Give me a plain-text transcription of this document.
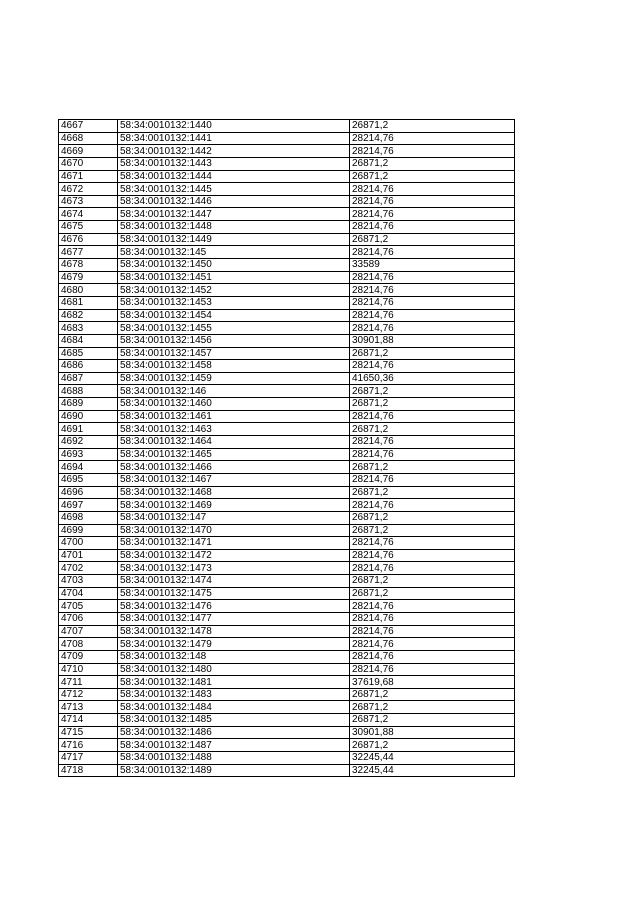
4667	58:34:0010132:1440	26871,2
4668	58:34:0010132:1441	28214,76
4669	58:34:0010132:1442	28214,76
4670	58:34:0010132:1443	26871,2
4671	58:34:0010132:1444	26871,2
4672	58:34:0010132:1445	28214,76
4673	58:34:0010132:1446	28214,76
4674	58:34:0010132:1447	28214,76
4675	58:34:0010132:1448	28214,76
4676	58:34:0010132:1449	26871,2
4677	58:34:0010132:145	28214,76
4678	58:34:0010132:1450	33589
4679	58:34:0010132:1451	28214,76
4680	58:34:0010132:1452	28214,76
4681	58:34:0010132:1453	28214,76
4682	58:34:0010132:1454	28214,76
4683	58:34:0010132:1455	28214,76
4684	58:34:0010132:1456	30901,88
4685	58:34:0010132:1457	26871,2
4686	58:34:0010132:1458	28214,76
4687	58:34:0010132:1459	41650,36
4688	58:34:0010132:146	26871,2
4689	58:34:0010132:1460	26871,2
4690	58:34:0010132:1461	28214,76
4691	58:34:0010132:1463	26871,2
4692	58:34:0010132:1464	28214,76
4693	58:34:0010132:1465	28214,76
4694	58:34:0010132:1466	26871,2
4695	58:34:0010132:1467	28214,76
4696	58:34:0010132:1468	26871,2
4697	58:34:0010132:1469	28214,76
4698	58:34:0010132:147	26871,2
4699	58:34:0010132:1470	26871,2
4700	58:34:0010132:1471	28214,76
4701	58:34:0010132:1472	28214,76
4702	58:34:0010132:1473	28214,76
4703	58:34:0010132:1474	26871,2
4704	58:34:0010132:1475	26871,2
4705	58:34:0010132:1476	28214,76
4706	58:34:0010132:1477	28214,76
4707	58:34:0010132:1478	28214,76
4708	58:34:0010132:1479	28214,76
4709	58:34:0010132:148	28214,76
4710	58:34:0010132:1480	28214,76
4711	58:34:0010132:1481	37619,68
4712	58:34:0010132:1483	26871,2
4713	58:34:0010132:1484	26871,2
4714	58:34:0010132:1485	26871,2
4715	58:34:0010132:1486	30901,88
4716	58:34:0010132:1487	26871,2
4717	58:34:0010132:1488	32245,44
4718	58:34:0010132:1489	32245,44
